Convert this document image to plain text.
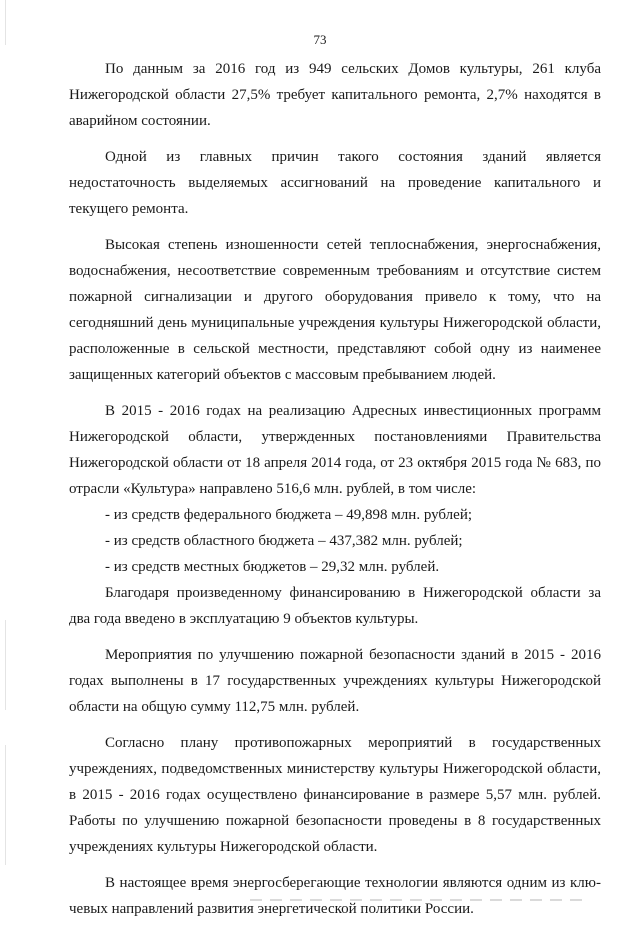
73

По данным за 2016 год из 949 сельских Домов культуры, 261 клуба Нижегородской области 27,5% требует капитального ремонта, 2,7% находятся в аварийном состоянии.

Одной из главных причин такого состояния зданий является недостаточность выделяемых ассигнований на проведение капитального и текущего ремонта.

Высокая степень изношенности сетей теплоснабжения, энергоснабжения, водоснабжения, несоответствие современным требованиям и отсутствие систем пожарной сигнализации и другого оборудования привело к тому, что на сегодняшний день муниципальные учреждения культуры Нижегородской области, расположенные в сельской местности, представляют собой одну из наименее защищенных категорий объектов с массовым пребыванием людей.

В 2015 - 2016 годах на реализацию Адресных инвестиционных программ Нижегородской области, утвержденных постановлениями Правительства Нижегородской области от 18 апреля 2014 года, от 23 октября 2015 года № 683, по отрасли «Культура» направлено 516,6 млн. рублей, в том числе:

- из средств федерального бюджета – 49,898 млн. рублей;

- из средств областного бюджета – 437,382 млн. рублей;

- из средств местных бюджетов – 29,32 млн. рублей.

Благодаря произведенному финансированию в Нижегородской области за два года введено в эксплуатацию 9 объектов культуры.

Мероприятия по улучшению пожарной безопасности зданий в 2015 - 2016 годах выполнены в 17 государственных учреждениях культуры Нижегородской области на общую сумму 112,75 млн. рублей.

Согласно плану противопожарных мероприятий в государственных учреждениях, подведомственных министерству культуры Нижегородской области, в 2015 - 2016 годах осуществлено финансирование в размере 5,57 млн. рублей. Работы по улучшению пожарной безопасности проведены в 8 государственных учреждениях культуры Нижегородской области.

В настоящее время энергосберегающие технологии являются одним из клю-чевых направлений развития энергетической политики России.
